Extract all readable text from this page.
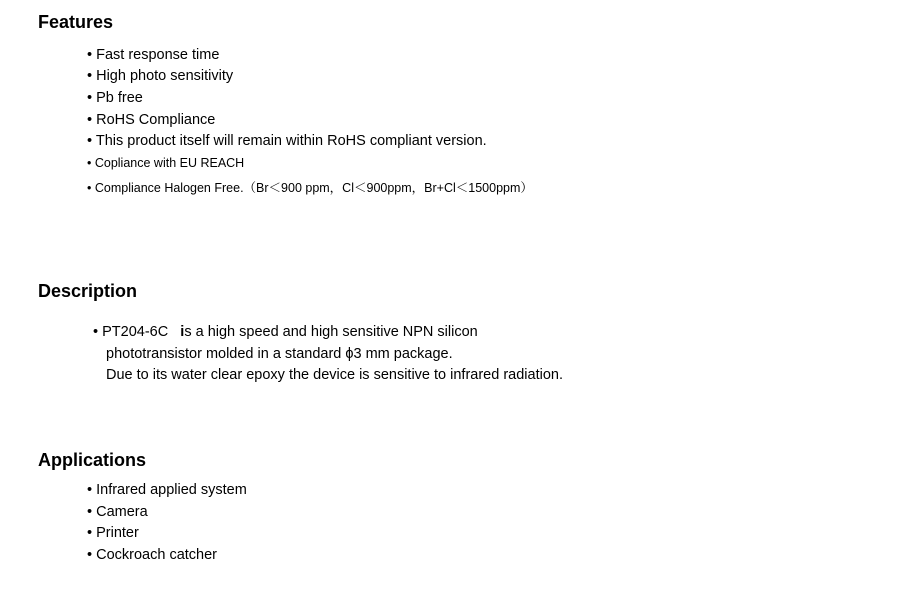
Features

• Fast response time

• High photo sensitivity

• Pb free

• RoHS Compliance

• This product itself will remain within RoHS compliant version.

• Copliance with EU REACH

• Compliance Halogen Free.（Br＜900 ppm，Cl＜900ppm，Br+Cl＜1500ppm）

Description

• PT204-6C is a high speed and high sensitive NPN silicon

phototransistor molded in a standard ϕ3 mm package.

Due to its water clear epoxy the device is sensitive to infrared radiation.

Applications

• Infrared applied system

• Camera

• Printer

• Cockroach catcher
